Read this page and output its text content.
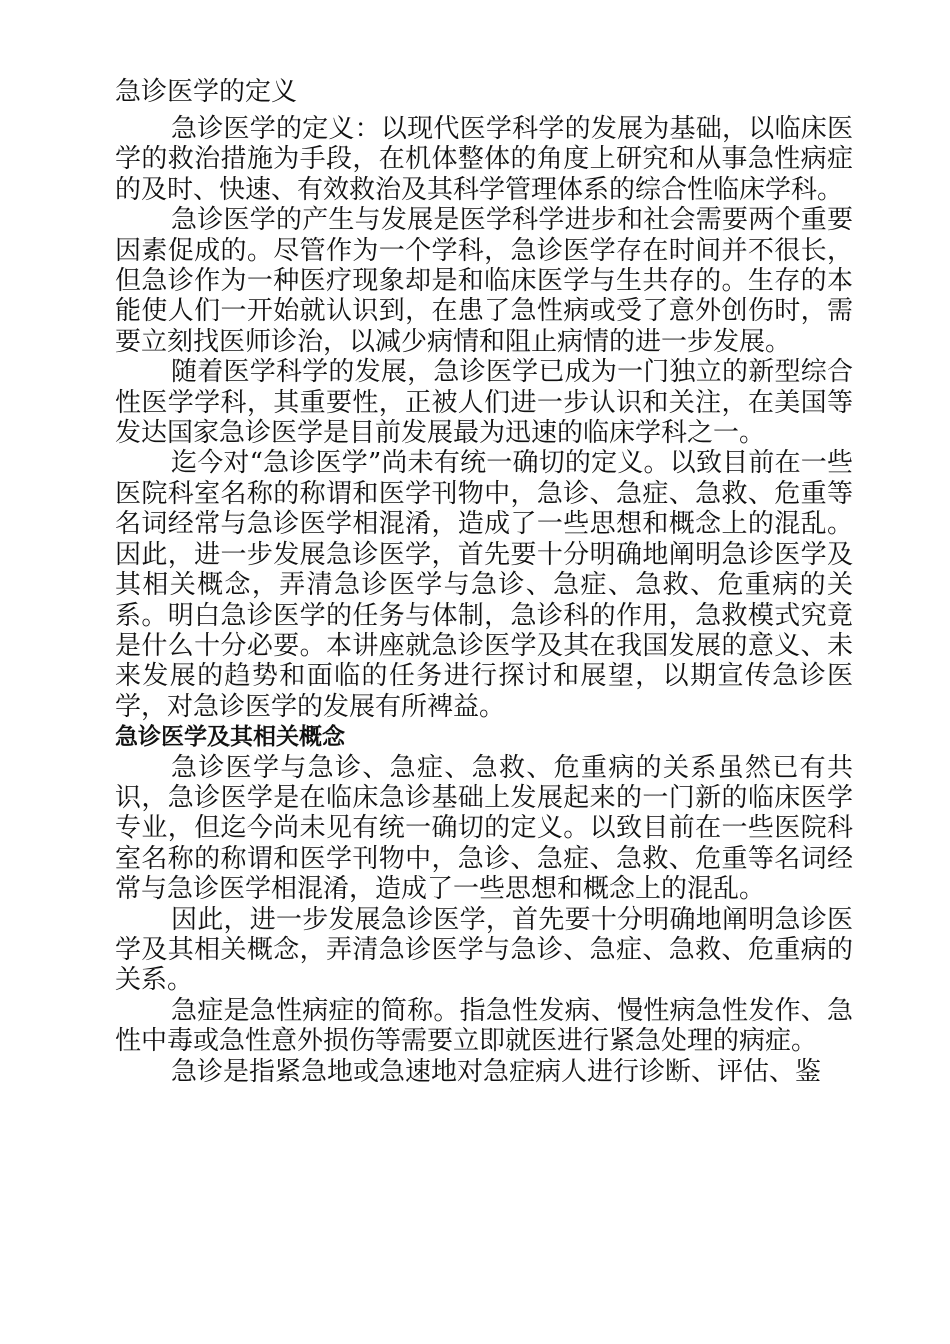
急诊医学的定义

急诊医学的定义：以现代医学科学的发展为基础，以临床医学的救治措施为手段，在机体整体的角度上研究和从事急性病症的及时、快速、有效救治及其科学管理体系的综合性临床学科。

急诊医学的产生与发展是医学科学进步和社会需要两个重要因素促成的。尽管作为一个学科，急诊医学存在时间并不很长，但急诊作为一种医疗现象却是和临床医学与生共存的。生存的本能使人们一开始就认识到，在患了急性病或受了意外创伤时，需要立刻找医师诊治，以减少病情和阻止病情的进一步发展。

随着医学科学的发展，急诊医学已成为一门独立的新型综合性医学学科，其重要性，正被人们进一步认识和关注，在美国等发达国家急诊医学是目前发展最为迅速的临床学科之一。

迄今对“急诊医学”尚未有统一确切的定义。以致目前在一些医院科室名称的称谓和医学刊物中，急诊、急症、急救、危重等名词经常与急诊医学相混淆，造成了一些思想和概念上的混乱。因此，进一步发展急诊医学，首先要十分明确地阐明急诊医学及其相关概念，弄清急诊医学与急诊、急症、急救、危重病的关系。明白急诊医学的任务与体制，急诊科的作用，急救模式究竟是什么十分必要。本讲座就急诊医学及其在我国发展的意义、未来发展的趋势和面临的任务进行探讨和展望，以期宣传急诊医学，对急诊医学的发展有所裨益。

急诊医学及其相关概念

急诊医学与急诊、急症、急救、危重病的关系虽然已有共识，急诊医学是在临床急诊基础上发展起来的一门新的临床医学专业，但迄今尚未见有统一确切的定义。以致目前在一些医院科室名称的称谓和医学刊物中，急诊、急症、急救、危重等名词经常与急诊医学相混淆，造成了一些思想和概念上的混乱。

因此，进一步发展急诊医学，首先要十分明确地阐明急诊医学及其相关概念，弄清急诊医学与急诊、急症、急救、危重病的关系。

急症是急性病症的简称。指急性发病、慢性病急性发作、急性中毒或急性意外损伤等需要立即就医进行紧急处理的病症。

急诊是指紧急地或急速地对急症病人进行诊断、评估、鉴
